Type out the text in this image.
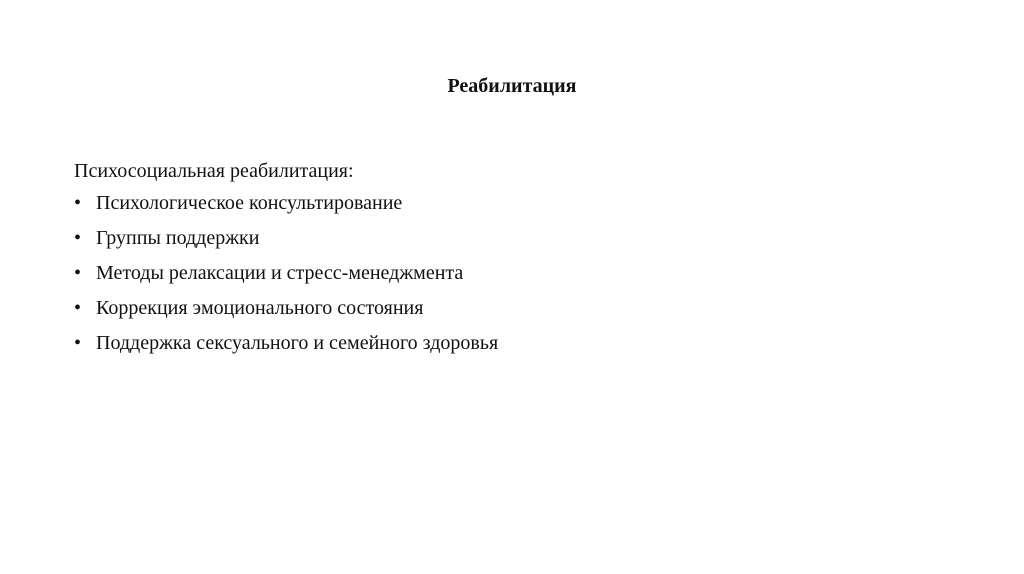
Реабилитация

Психосоциальная реабилитация:

• Психологическое консультирование
• Группы поддержки
• Методы релаксации и стресс-менеджмента
• Коррекция эмоционального состояния
• Поддержка сексуального и семейного здоровья
